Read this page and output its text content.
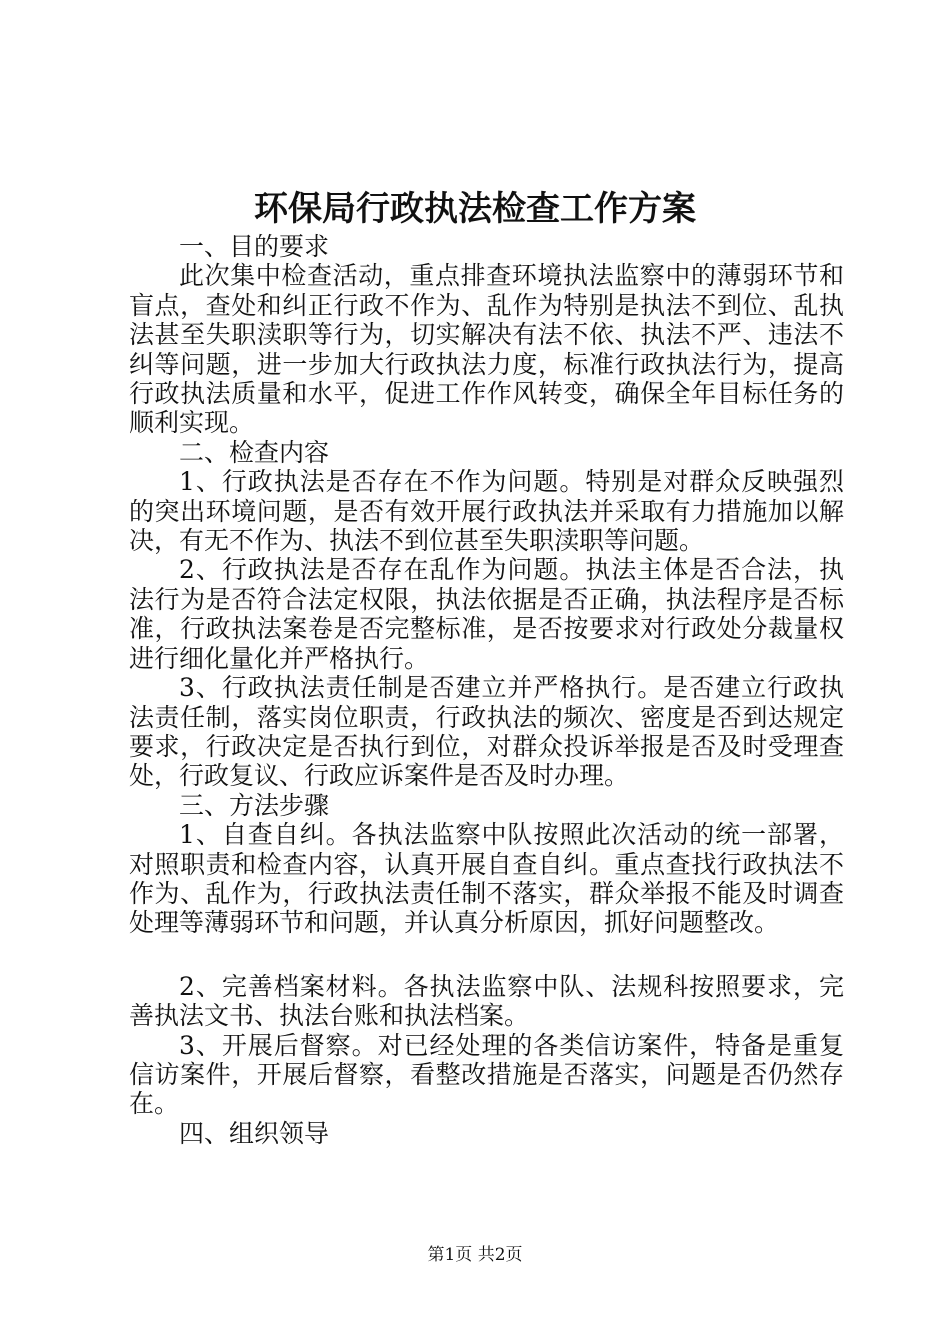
环保局行政执法检查工作方案

一、目的要求

此次集中检查活动，重点排查环境执法监察中的薄弱环节和盲点，查处和纠正行政不作为、乱作为特别是执法不到位、乱执法甚至失职渎职等行为，切实解决有法不依、执法不严、违法不纠等问题，进一步加大行政执法力度，标准行政执法行为，提高行政执法质量和水平，促进工作作风转变，确保全年目标任务的顺利实现。

二、检查内容

1、行政执法是否存在不作为问题。特别是对群众反映强烈的突出环境问题，是否有效开展行政执法并采取有力措施加以解决，有无不作为、执法不到位甚至失职渎职等问题。

2、行政执法是否存在乱作为问题。执法主体是否合法，执法行为是否符合法定权限，执法依据是否正确，执法程序是否标准，行政执法案卷是否完整标准，是否按要求对行政处分裁量权进行细化量化并严格执行。

3、行政执法责任制是否建立并严格执行。是否建立行政执法责任制，落实岗位职责，行政执法的频次、密度是否到达规定要求，行政决定是否执行到位，对群众投诉举报是否及时受理查处，行政复议、行政应诉案件是否及时办理。

三、方法步骤

1、自查自纠。各执法监察中队按照此次活动的统一部署，对照职责和检查内容，认真开展自查自纠。重点查找行政执法不作为、乱作为，行政执法责任制不落实，群众举报不能及时调查处理等薄弱环节和问题，并认真分析原因，抓好问题整改。

2、完善档案材料。各执法监察中队、法规科按照要求，完善执法文书、执法台账和执法档案。

3、开展后督察。对已经处理的各类信访案件，特备是重复信访案件，开展后督察，看整改措施是否落实，问题是否仍然存在。

四、组织领导

第1页 共2页
